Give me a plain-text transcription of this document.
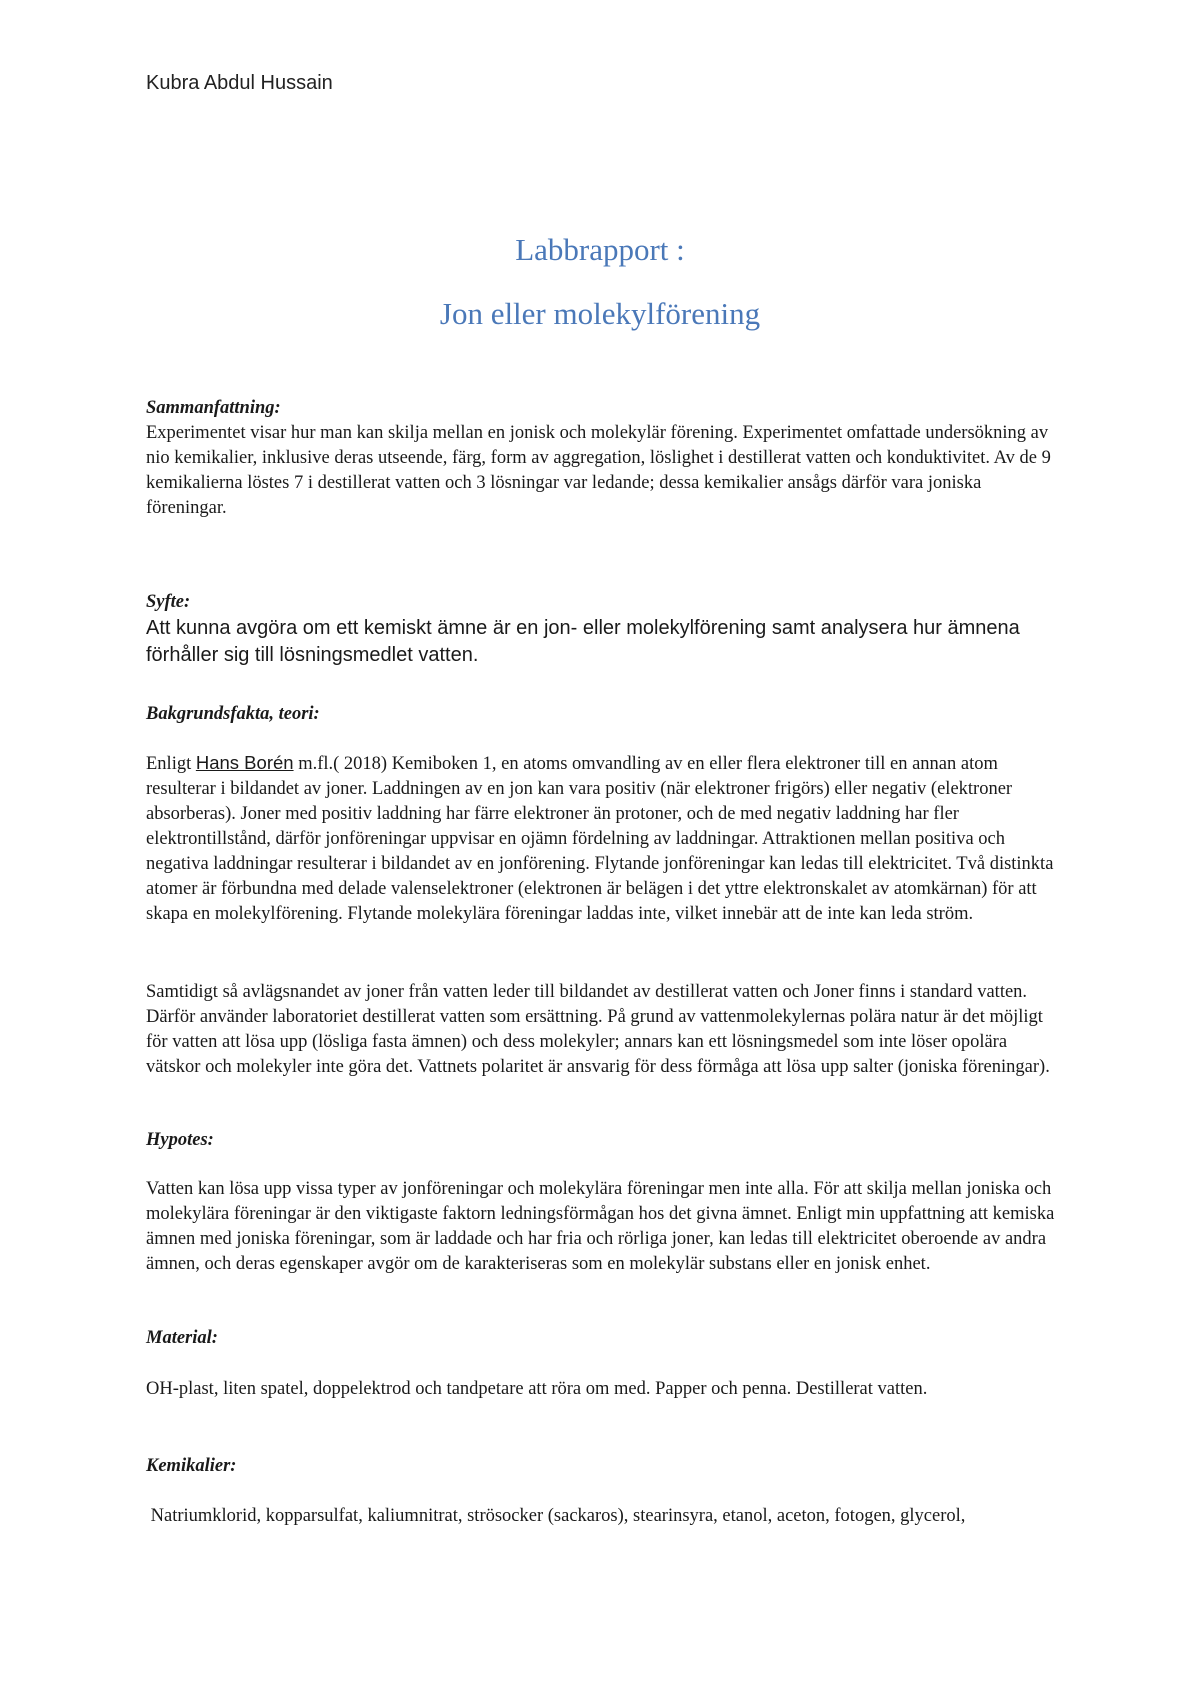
Kubra Abdul Hussain
Labbrapport :
Jon eller molekylförening
Sammanfattning:

Experimentet visar hur man kan skilja mellan en jonisk och molekylär förening. Experimentet omfattade undersökning av nio kemikalier, inklusive deras utseende, färg, form av aggregation, löslighet i destillerat vatten och konduktivitet. Av de 9 kemikalierna löstes 7 i destillerat vatten och 3 lösningar var ledande; dessa kemikalier ansågs därför vara joniska föreningar.

Syfte:

Att kunna avgöra om ett kemiskt ämne är en jon- eller molekylförening samt analysera hur ämnena förhåller sig till lösningsmedlet vatten.

Bakgrundsfakta, teori:

Enligt Hans Borén m.fl.( 2018) Kemiboken 1, en atoms omvandling av en eller flera elektroner till en annan atom resulterar i bildandet av joner. Laddningen av en jon kan vara positiv (när elektroner frigörs) eller negativ (elektroner absorberas). Joner med positiv laddning har färre elektroner än protoner, och de med negativ laddning har fler elektrontillstånd, därför jonföreningar uppvisar en ojämn fördelning av laddningar. Attraktionen mellan positiva och negativa laddningar resulterar i bildandet av en jonförening. Flytande jonföreningar kan ledas till elektricitet. Två distinkta atomer är förbundna med delade valenselektroner (elektronen är belägen i det yttre elektronskalet av atomkärnan) för att skapa en molekylförening. Flytande molekylära föreningar laddas inte, vilket innebär att de inte kan leda ström.

Samtidigt så avlägsnandet av joner från vatten leder till bildandet av destillerat vatten och Joner finns i standard vatten. Därför använder laboratoriet destillerat vatten som ersättning. På grund av vattenmolekylernas polära natur är det möjligt för vatten att lösa upp (lösliga fasta ämnen) och dess molekyler; annars kan ett lösningsmedel som inte löser opolära vätskor och molekyler inte göra det. Vattnets polaritet är ansvarig för dess förmåga att lösa upp salter (joniska föreningar).

Hypotes:

Vatten kan lösa upp vissa typer av jonföreningar och molekylära föreningar men inte alla. För att skilja mellan joniska och molekylära föreningar är den viktigaste faktorn ledningsförmågan hos det givna ämnet. Enligt min uppfattning att kemiska ämnen med joniska föreningar, som är laddade och har fria och rörliga joner, kan ledas till elektricitet oberoende av andra ämnen, och deras egenskaper avgör om de karakteriseras som en molekylär substans eller en jonisk enhet.

Material:

OH-plast, liten spatel, doppelektrod och tandpetare att röra om med. Papper och penna. Destillerat vatten.

Kemikalier:

Natriumklorid, kopparsulfat, kaliumnitrat, strösocker (sackaros), stearinsyra, etanol, aceton, fotogen, glycerol,
